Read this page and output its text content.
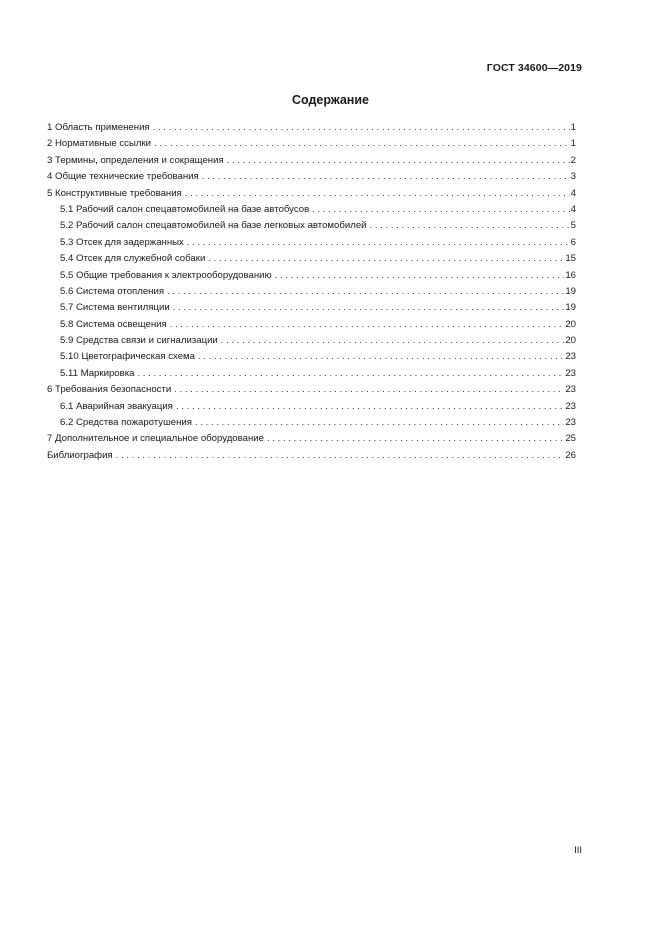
ГОСТ 34600—2019
Содержание
1 Область применения . . .	1
2 Нормативные ссылки . . .	1
3 Термины, определения и сокращения . . .	2
4 Общие технические требования . . .	3
5 Конструктивные требования . . .	4
5.1 Рабочий салон спецавтомобилей на базе автобусов . . .	4
5.2 Рабочий салон спецавтомобилей на базе легковых автомобилей . . .	5
5.3 Отсек для задержанных . . .	6
5.4 Отсек для служебной собаки . . .	15
5.5 Общие требования к электрооборудованию . . .	16
5.6 Система отопления . . .	19
5.7 Система вентиляции . . .	19
5.8 Система освещения . . .	20
5.9 Средства связи и сигнализации . . .	20
5.10 Цветографическая схема . . .	23
5.11 Маркировка . . .	23
6 Требования безопасности . . .	23
6.1 Аварийная эвакуация . . .	23
6.2 Средства пожаротушения . . .	23
7 Дополнительное и специальное оборудование . . .	25
Библиография . . .	26
III
